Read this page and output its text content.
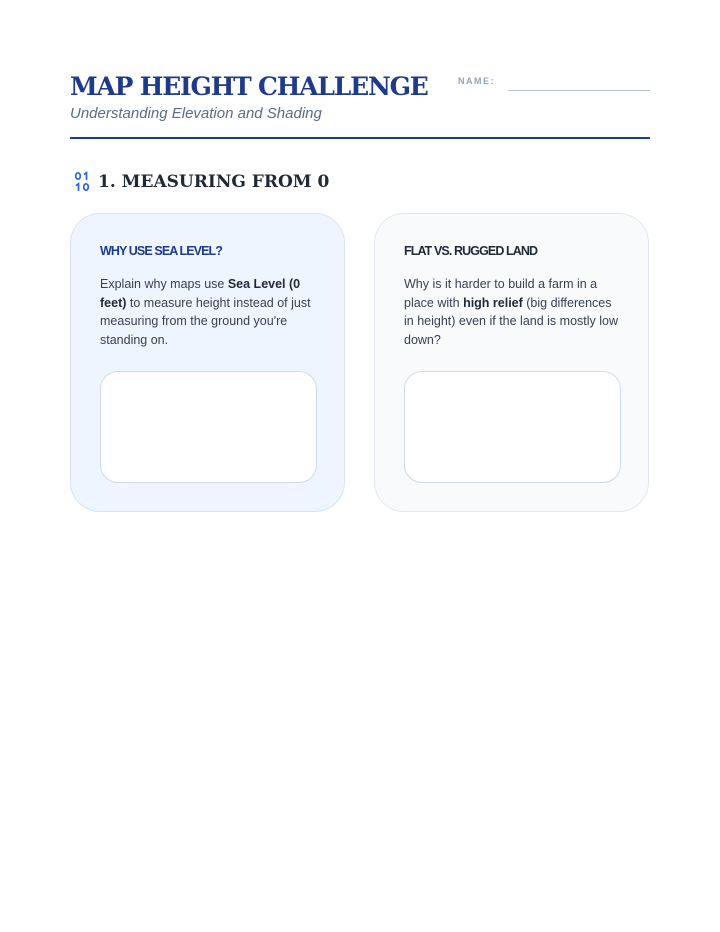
MAP HEIGHT CHALLENGE
Understanding Elevation and Shading
NAME:
1. MEASURING FROM 0
WHY USE SEA LEVEL?

Explain why maps use Sea Level (0 feet) to measure height instead of just measuring from the ground you're standing on.

FLAT VS. RUGGED LAND

Why is it harder to build a farm in a place with high relief (big differences in height) even if the land is mostly low down?
